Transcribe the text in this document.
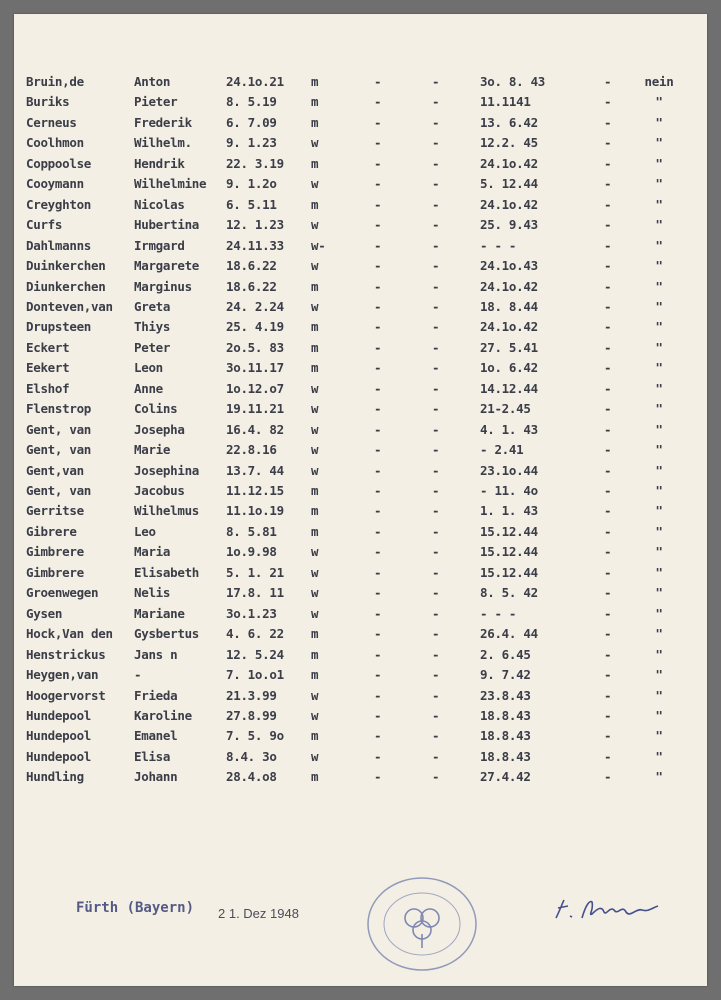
Bruin,de	Anton	24.1o.21	m	-	-	3o. 8. 43	-	nein
Buriks	Pieter	8. 5.19	m	-	-	11.1141	-	"
Cerneus	Frederik	6. 7.09	m	-	-	13. 6.42	-	"
Coolhmon	Wilhelm.	9. 1.23	w	-	-	12.2. 45	-	"
Coppoolse	Hendrik	22. 3.19	m	-	-	24.1o.42	-	"
Cooymann	Wilhelmine	9. 1.2o	w	-	-	5. 12.44	-	"
Creyghton	Nicolas	6. 5.11	m	-	-	24.1o.42	-	"
Curfs	Hubertina	12. 1.23	w	-	-	25. 9.43	-	"
Dahlmanns	Irmgard	24.11.33	w-	-	-	- - -	-	"
Duinkerchen	Margarete	18.6.22	w	-	-	24.1o.43	-	"
Diunkerchen	Marginus	18.6.22	m	-	-	24.1o.42	-	"
Donteven,van	Greta	24. 2.24	w	-	-	18. 8.44	-	"
Drupsteen	Thiys	25. 4.19	m	-	-	24.1o.42	-	"
Eckert	Peter	2o.5. 83	m	-	-	27. 5.41	-	"
Eekert	Leon	3o.11.17	m	-	-	1o. 6.42	-	"
Elshof	Anne	1o.12.o7	w	-	-	14.12.44	-	"
Flenstrop	Colins	19.11.21	w	-	-	21-2.45	-	"
Gent, van	Josepha	16.4. 82	w	-	-	4. 1. 43	-	"
Gent, van	Marie	22.8.16	w	-	-	- 2.41	-	"
Gent,van	Josephina	13.7. 44	w	-	-	23.1o.44	-	"
Gent, van	Jacobus	11.12.15	m	-	-	- 11. 4o	-	"
Gerritse	Wilhelmus	11.1o.19	m	-	-	1. 1. 43	-	"
Gibrere	Leo	8. 5.81	m	-	-	15.12.44	-	"
Gimbrere	Maria	1o.9.98	w	-	-	15.12.44	-	"
Gimbrere	Elisabeth	5. 1. 21	w	-	-	15.12.44	-	"
Groenwegen	Nelis	17.8. 11	w	-	-	8. 5. 42	-	"
Gysen	Mariane	3o.1.23	w	-	-	- - -	-	"
Hock,Van den	Gysbertus	4. 6. 22	m	-	-	26.4. 44	-	"
Henstrickus	Jans n	12. 5.24	m	-	-	2. 6.45	-	"
Heygen,van	-	7. 1o.o1	m	-	-	9. 7.42	-	"
Hoogervorst	Frieda	21.3.99	w	-	-	23.8.43	-	"
Hundepool	Karoline	27.8.99	w	-	-	18.8.43	-	"
Hundepool	Emanel	7. 5. 9o	m	-	-	18.8.43	-	"
Hundepool	Elisa	8.4. 3o	w	-	-	18.8.43	-	"
Hundling	Johann	28.4.o8	m	-	-	27.4.42	-	"
Fürth (Bayern) 2 1. Dez 1948
